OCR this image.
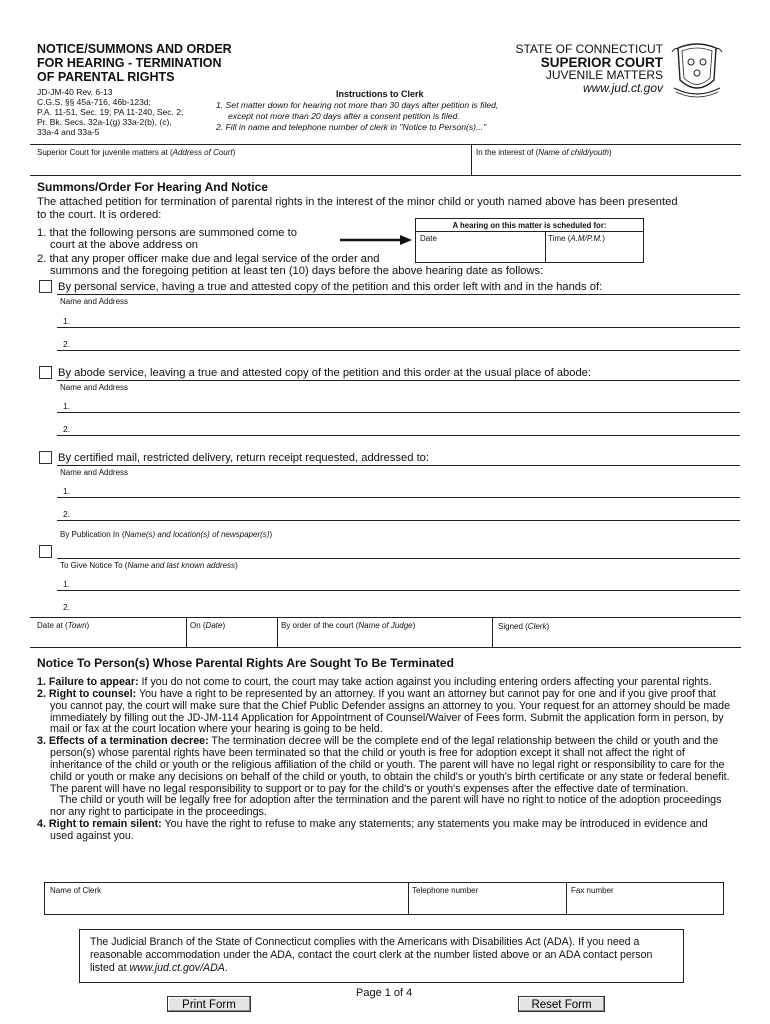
NOTICE/SUMMONS AND ORDER
FOR HEARING - TERMINATION
OF PARENTAL RIGHTS
JD-JM-40 Rev. 6-13
C.G.S. §§ 45a-716, 46b-123d;
P.A. 11-51, Sec. 19; PA 11-240, Sec. 2;
Pr. Bk. Secs. 32a-1(g) 33a-2(b), (c),
33a-4 and 33a-5
Instructions to Clerk
1. Set matter down for hearing not more than 30 days after petition is filed,
except not more than 20 days after a consent petition is filed.
2. Fill in name and telephone number of clerk in "Notice to Person(s)..."
STATE OF CONNECTICUT
SUPERIOR COURT
JUVENILE MATTERS
www.jud.ct.gov
Superior Court for juvenile matters at (Address of Court)	In the interest of (Name of child/youth)
Summons/Order For Hearing And Notice
The attached petition for termination of parental rights in the interest of the minor child or youth named above has been presented
to the court. It is ordered:
1. that the following persons are summoned come to
court at the above address on
A hearing on this matter is scheduled for:
Date	Time (A.M/P.M.)
2. that any proper officer make due and legal service of the order and
summons and the foregoing petition at least ten (10) days before the above hearing date as follows:
By personal service, having a true and attested copy of the petition and this order left with and in the hands of:
Name and Address
1.
2.
By abode service, leaving a true and attested copy of the petition and this order at the usual place of abode:
Name and Address
1.
2.
By certified mail, restricted delivery, return receipt requested, addressed to:
Name and Address
1.
2.
By Publication In (Name(s) and location(s) of newspaper(s))
To Give Notice To (Name and last known address)
1.
2.
Date at (Town)	On (Date)	By order of the court (Name of Judge)	Signed (Clerk)
Notice To Person(s) Whose Parental Rights Are Sought To Be Terminated

1. Failure to appear: If you do not come to court, the court may take action against you including entering orders affecting your parental rights.

2. Right to counsel: You have a right to be represented by an attorney. If you want an attorney but cannot pay for one and if you give proof that you cannot pay, the court will make sure that the Chief Public Defender assigns an attorney to you. Your request for an attorney should be made immediately by filling out the JD-JM-114 Application for Appointment of Counsel/Waiver of Fees form. Submit the application form in person, by mail or fax at the court location where your hearing is going to be held.

3. Effects of a termination decree: The termination decree will be the complete end of the legal relationship between the child or youth and the person(s) whose parental rights have been terminated so that the child or youth is free for adoption except it shall not affect the right of inheritance of the child or youth or the religious affiliation of the child or youth. The parent will have no legal right or responsibility to care for the child or youth or make any decisions on behalf of the child or youth, to obtain the child's or youth's birth certificate or any state or federal benefit. The parent will have no legal responsibility to support or to pay for the child's or youth's expenses after the effective date of termination.

The child or youth will be legally free for adoption after the termination and the parent will have no right to notice of the adoption proceedings nor any right to participate in the proceedings.

4. Right to remain silent: You have the right to refuse to make any statements; any statements you make may be introduced in evidence and used against you.

Name of Clerk	Telephone number	Fax number
The Judicial Branch of the State of Connecticut complies with the Americans with Disabilities Act (ADA). If you need a reasonable accommodation under the ADA, contact the court clerk at the number listed above or an ADA contact person listed at www.jud.ct.gov/ADA.
Page 1 of 4
Print Form	Reset Form
